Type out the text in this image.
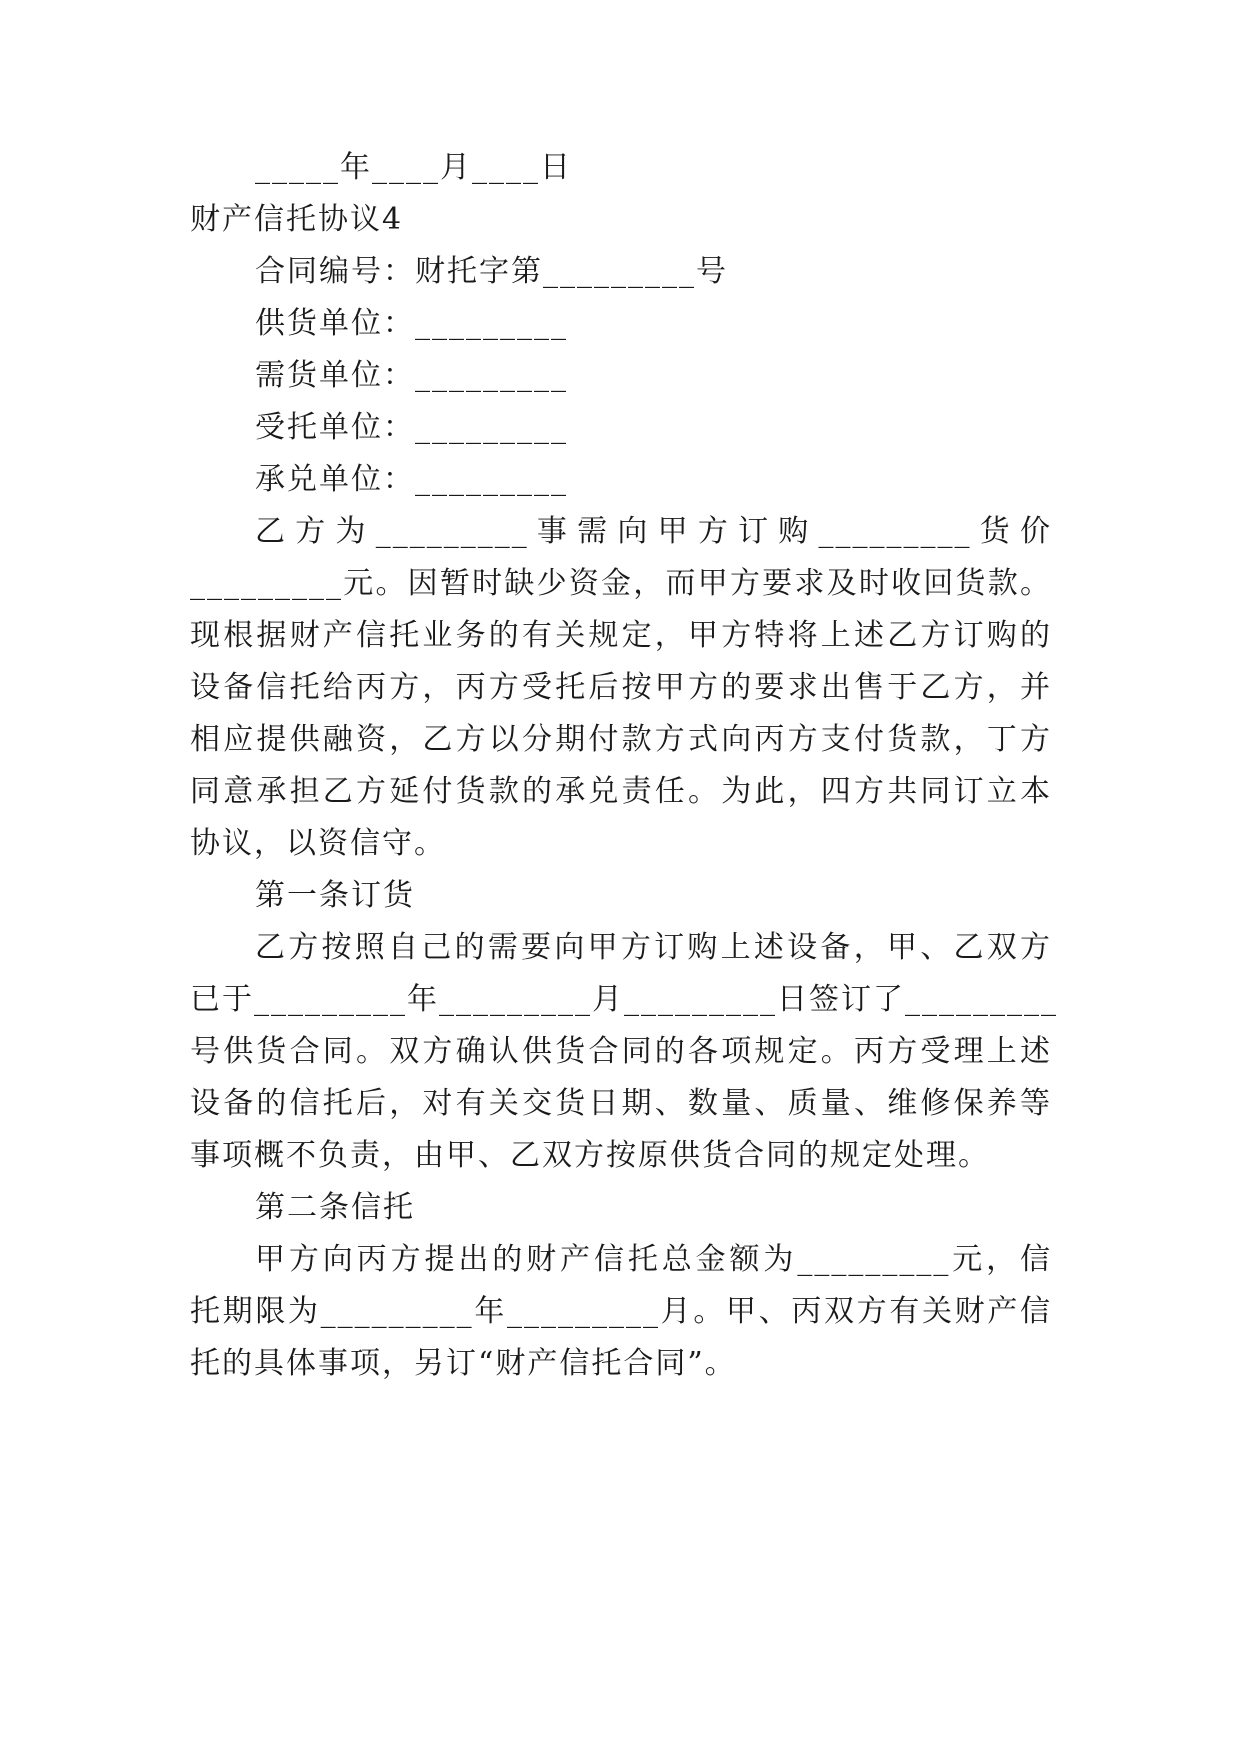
_____年____月____日
财产信托协议4
合同编号：财托字第_________号
供货单位：_________
需货单位：_________
受托单位：_________
承兑单位：_________
乙方为_________事需向甲方订购_________货价
_________元。因暂时缺少资金，而甲方要求及时收回货款。
现根据财产信托业务的有关规定，甲方特将上述乙方订购的
设备信托给丙方，丙方受托后按甲方的要求出售于乙方，并
相应提供融资，乙方以分期付款方式向丙方支付货款，丁方
同意承担乙方延付货款的承兑责任。为此，四方共同订立本
协议，以资信守。
第一条订货
乙方按照自己的需要向甲方订购上述设备，甲、乙双方
已于_________年_________月_________日签订了_________
号供货合同。双方确认供货合同的各项规定。丙方受理上述
设备的信托后，对有关交货日期、数量、质量、维修保养等
事项概不负责，由甲、乙双方按原供货合同的规定处理。
第二条信托
甲方向丙方提出的财产信托总金额为_________元，信
托期限为_________年_________月。甲、丙双方有关财产信
托的具体事项，另订“财产信托合同”。
